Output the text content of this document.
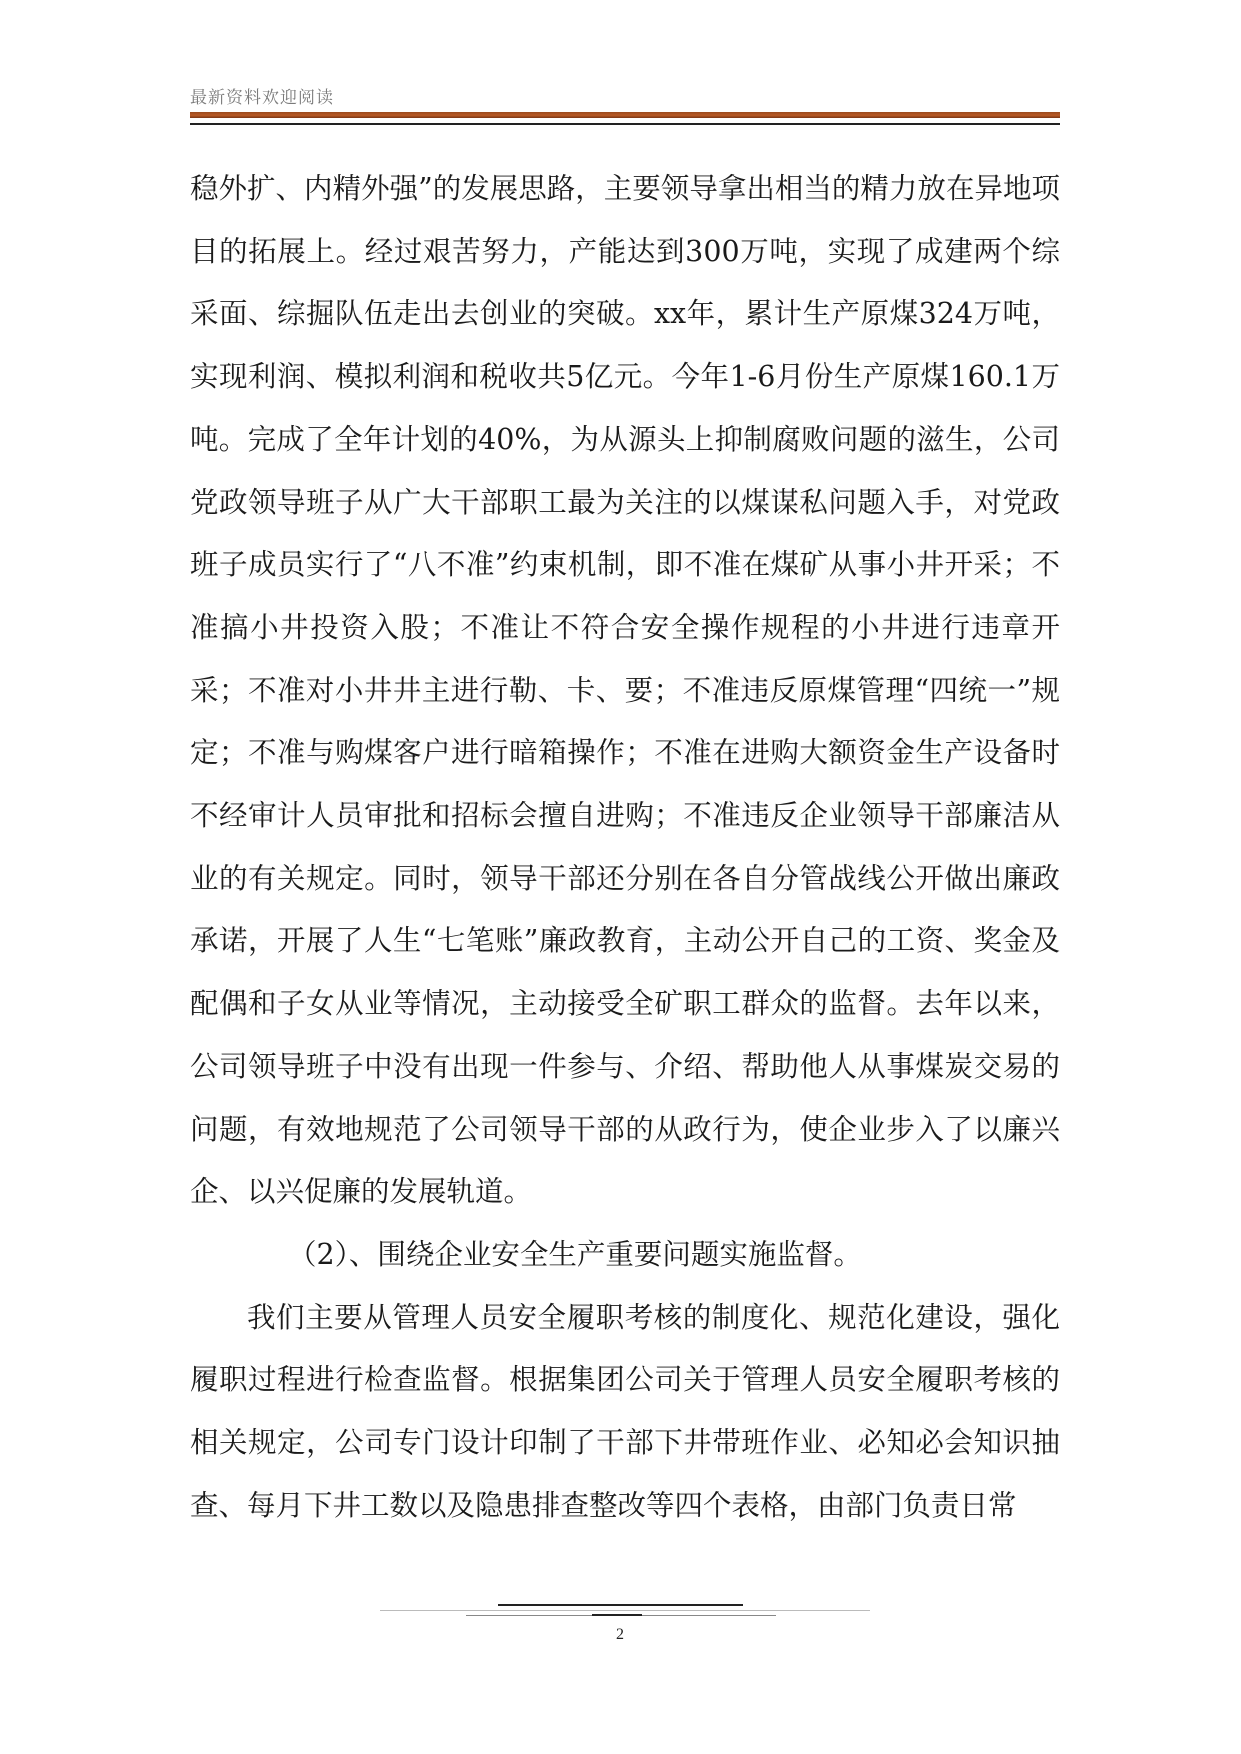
最新资料欢迎阅读

稳外扩、内精外强”的发展思路，主要领导拿出相当的精力放在异地项目的拓展上。经过艰苦努力，产能达到300万吨，实现了成建两个综采面、综掘队伍走出去创业的突破。xx年，累计生产原煤324万吨，实现利润、模拟利润和税收共5亿元。今年1-6月份生产原煤160.1万吨。完成了全年计划的40%，为从源头上抑制腐败问题的滋生，公司党政领导班子从广大干部职工最为关注的以煤谋私问题入手，对党政班子成员实行了“八不准”约束机制，即不准在煤矿从事小井开采；不准搞小井投资入股；不准让不符合安全操作规程的小井进行违章开采；不准对小井井主进行勒、卡、要；不准违反原煤管理“四统一”规定；不准与购煤客户进行暗箱操作；不准在进购大额资金生产设备时不经审计人员审批和招标会擅自进购；不准违反企业领导干部廉洁从业的有关规定。同时，领导干部还分别在各自分管战线公开做出廉政承诺，开展了人生“七笔账”廉政教育，主动公开自己的工资、奖金及配偶和子女从业等情况，主动接受全矿职工群众的监督。去年以来，公司领导班子中没有出现一件参与、介绍、帮助他人从事煤炭交易的问题，有效地规范了公司领导干部的从政行为，使企业步入了以廉兴企、以兴促廉的发展轨道。

（2）、围绕企业安全生产重要问题实施监督。

我们主要从管理人员安全履职考核的制度化、规范化建设，强化履职过程进行检查监督。根据集团公司关于管理人员安全履职考核的相关规定，公司专门设计印制了干部下井带班作业、必知必会知识抽查、每月下井工数以及隐患排查整改等四个表格，由部门负责日常

2
